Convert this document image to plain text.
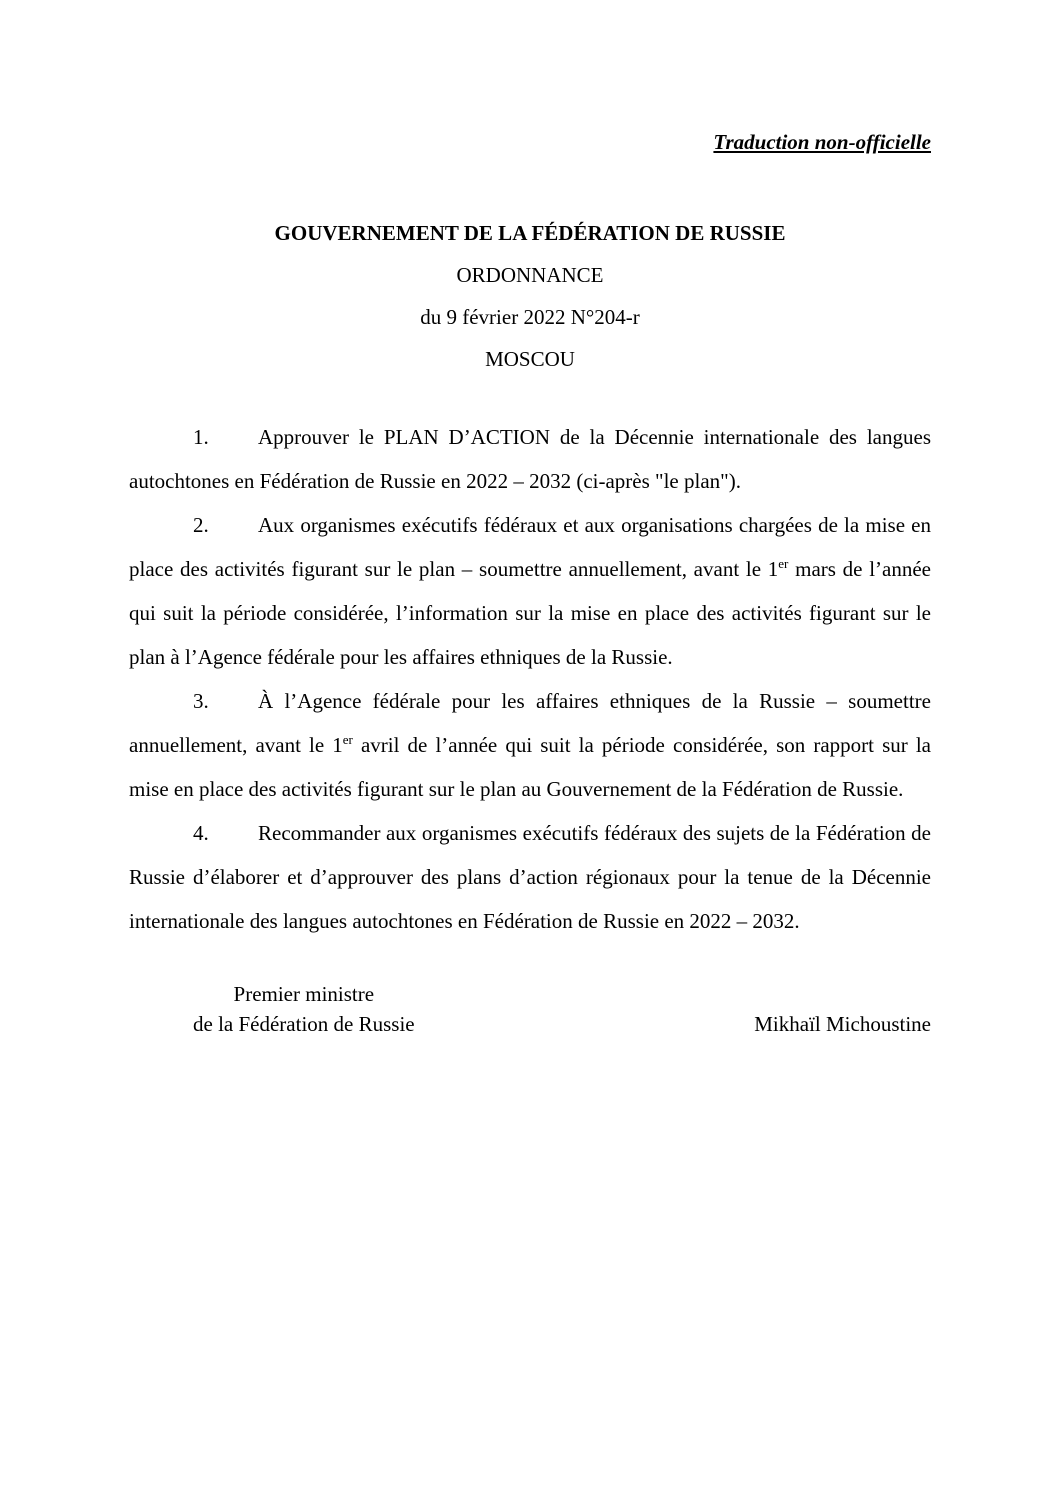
Traduction non-officielle
GOUVERNEMENT DE LA FÉDÉRATION DE RUSSIE
ORDONNANCE
du 9 février 2022 N°204-r
MOSCOU

1. Approuver le PLAN D’ACTION de la Décennie internationale des langues autochtones en Fédération de Russie en 2022 – 2032 (ci-après "le plan").

2. Aux organismes exécutifs fédéraux et aux organisations chargées de la mise en place des activités figurant sur le plan – soumettre annuellement, avant le 1er mars de l’année qui suit la période considérée, l’information sur la mise en place des activités figurant sur le plan à l’Agence fédérale pour les affaires ethniques de la Russie.

3. À l’Agence fédérale pour les affaires ethniques de la Russie – soumettre annuellement, avant le 1er avril de l’année qui suit la période considérée, son rapport sur la mise en place des activités figurant sur le plan au Gouvernement de la Fédération de Russie.

4. Recommander aux organismes exécutifs fédéraux des sujets de la Fédération de Russie d’élaborer et d’approuver des plans d’action régionaux pour la tenue de la Décennie internationale des langues autochtones en Fédération de Russie en 2022 – 2032.

Premier ministre
de la Fédération de Russie	Mikhaïl Michoustine
